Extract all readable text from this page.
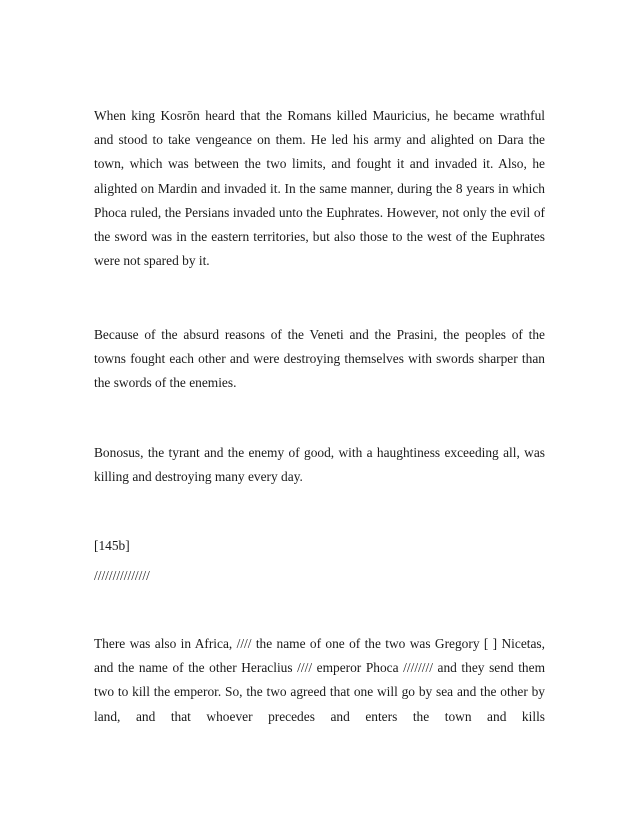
When king Kosrōn heard that the Romans killed Mauricius, he became wrathful and stood to take vengeance on them. He led his army and alighted on Dara the town, which was between the two limits, and fought it and invaded it. Also, he alighted on Mardin and invaded it. In the same manner, during the 8 years in which Phoca ruled, the Persians invaded unto the Euphrates. However, not only the evil of the sword was in the eastern territories, but also those to the west of the Euphrates were not spared by it.

Because of the absurd reasons of the Veneti and the Prasini, the peoples of the towns fought each other and were destroying themselves with swords sharper than the swords of the enemies.

Bonosus, the tyrant and the enemy of good, with a haughtiness exceeding all, was killing and destroying many every day.

[145b]

///////////////

There was also in Africa, //// the name of one of the two was Gregory [ ] Nicetas, and the name of the other Heraclius //// emperor Phoca //////// and they send them two to kill the emperor. So, the two agreed that one will go by sea and the other by land, and that whoever precedes and enters the town and kills
